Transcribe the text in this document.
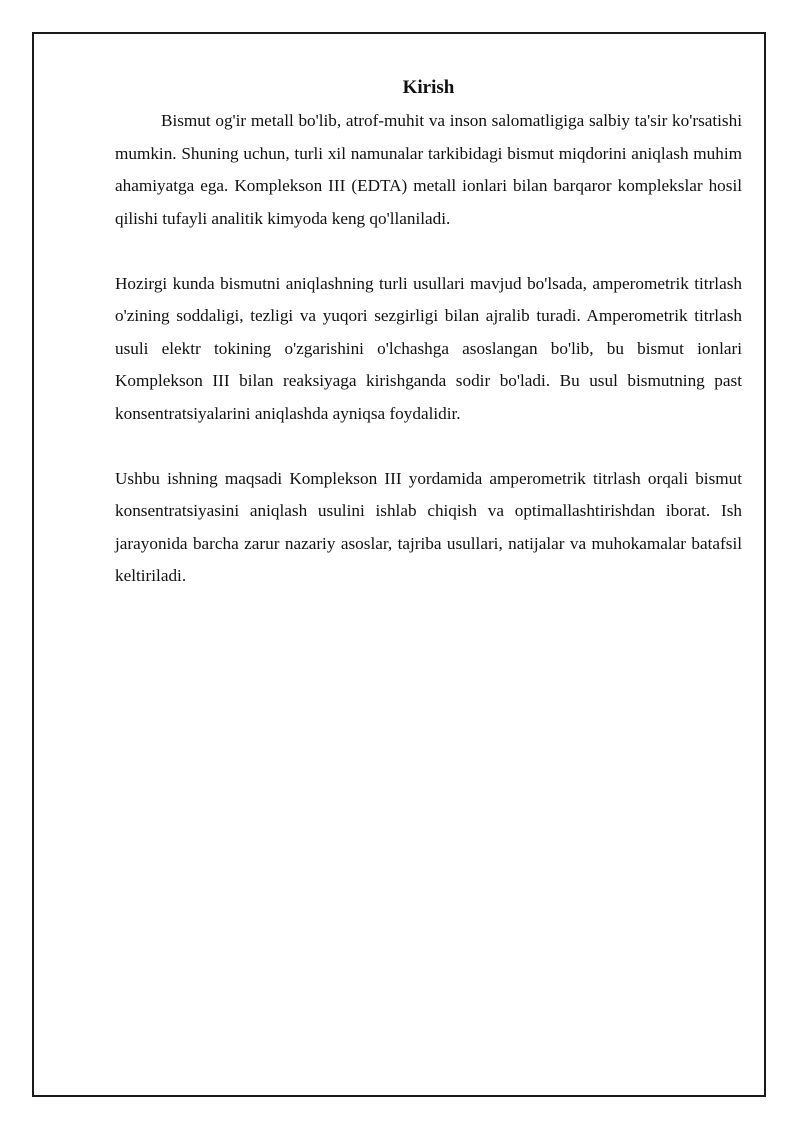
Kirish

Bismut og'ir metall bo'lib, atrof-muhit va inson salomatligiga salbiy ta'sir ko'rsatishi mumkin. Shuning uchun, turli xil namunalar tarkibidagi bismut miqdorini aniqlash muhim ahamiyatga ega. Komplekson III (EDTA) metall ionlari bilan barqaror komplekslar hosil qilishi tufayli analitik kimyoda keng qo'llaniladi.

Hozirgi kunda bismutni aniqlashning turli usullari mavjud bo'lsada, amperometrik titrlash o'zining soddaligi, tezligi va yuqori sezgirligi bilan ajralib turadi. Amperometrik titrlash usuli elektr tokining o'zgarishini o'lchashga asoslangan bo'lib, bu bismut ionlari Komplekson III bilan reaksiyaga kirishganda sodir bo'ladi. Bu usul bismutning past konsentratsiyalarini aniqlashda ayniqsa foydalidir.

Ushbu ishning maqsadi Komplekson III yordamida amperometrik titrlash orqali bismut konsentratsiyasini aniqlash usulini ishlab chiqish va optimallashtirishdan iborat. Ish jarayonida barcha zarur nazariy asoslar, tajriba usullari, natijalar va muhokamalar batafsil keltiriladi.
